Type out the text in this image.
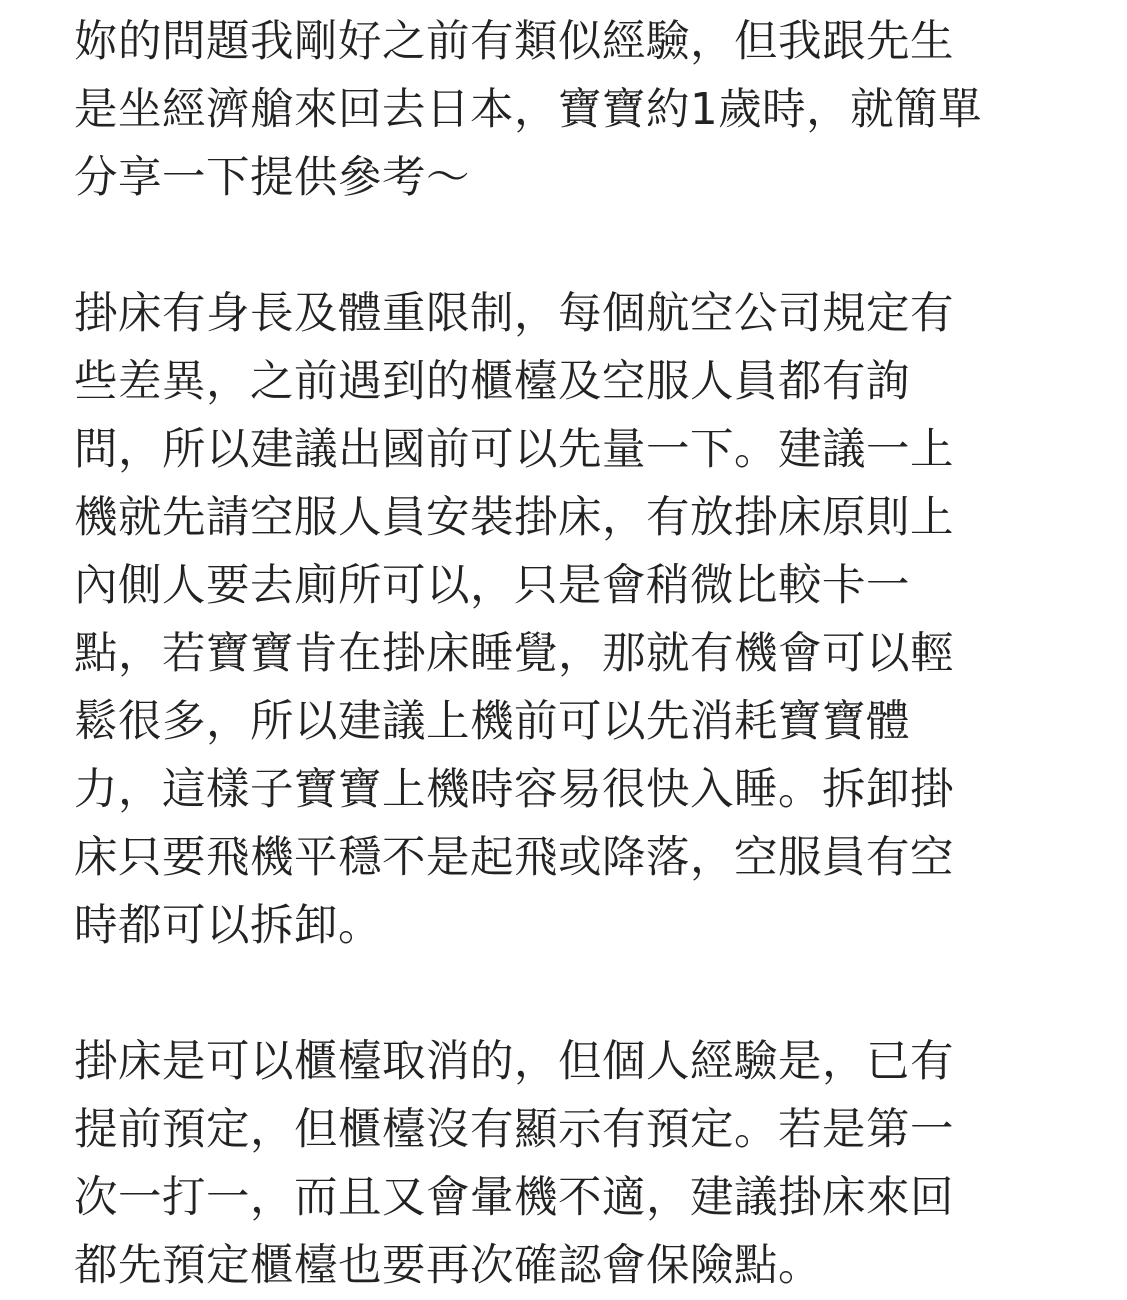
妳的問題我剛好之前有類似經驗，但我跟先生
是坐經濟艙來回去日本，寶寶約1歲時，就簡單
分享一下提供參考～

掛床有身長及體重限制，每個航空公司規定有
些差異，之前遇到的櫃檯及空服人員都有詢
問，所以建議出國前可以先量一下。建議一上
機就先請空服人員安裝掛床，有放掛床原則上
內側人要去廁所可以，只是會稍微比較卡一
點，若寶寶肯在掛床睡覺，那就有機會可以輕
鬆很多，所以建議上機前可以先消耗寶寶體
力，這樣子寶寶上機時容易很快入睡。拆卸掛
床只要飛機平穩不是起飛或降落，空服員有空
時都可以拆卸。

掛床是可以櫃檯取消的，但個人經驗是，已有
提前預定，但櫃檯沒有顯示有預定。若是第一
次一打一，而且又會暈機不適，建議掛床來回
都先預定櫃檯也要再次確認會保險點。
